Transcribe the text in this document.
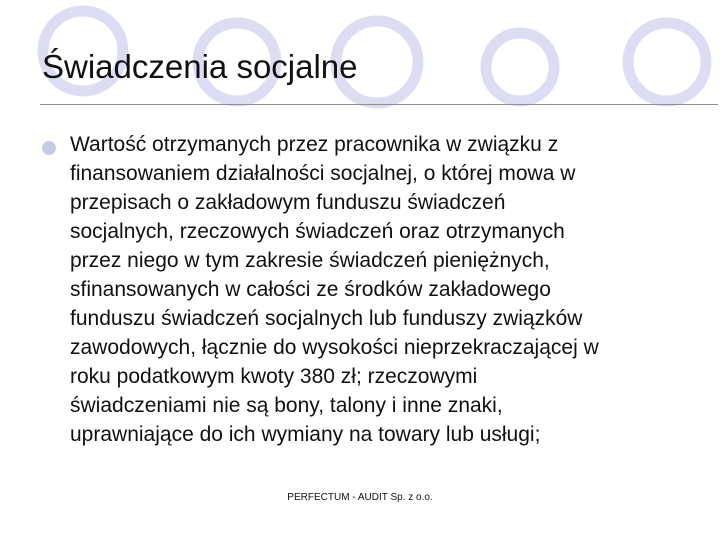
Świadczenia socjalne

Wartość otrzymanych przez pracownika w związku z
finansowaniem działalności socjalnej, o której mowa w
przepisach o zakładowym funduszu świadczeń
socjalnych, rzeczowych świadczeń oraz otrzymanych
przez niego w tym zakresie świadczeń pieniężnych,
sfinansowanych w całości ze środków zakładowego
funduszu świadczeń socjalnych lub funduszy związków
zawodowych, łącznie do wysokości nieprzekraczającej w
roku podatkowym kwoty 380 zł; rzeczowymi
świadczeniami nie są bony, talony i inne znaki,
uprawniające do ich wymiany na towary lub usługi;

PERFECTUM - AUDIT Sp. z o.o.
